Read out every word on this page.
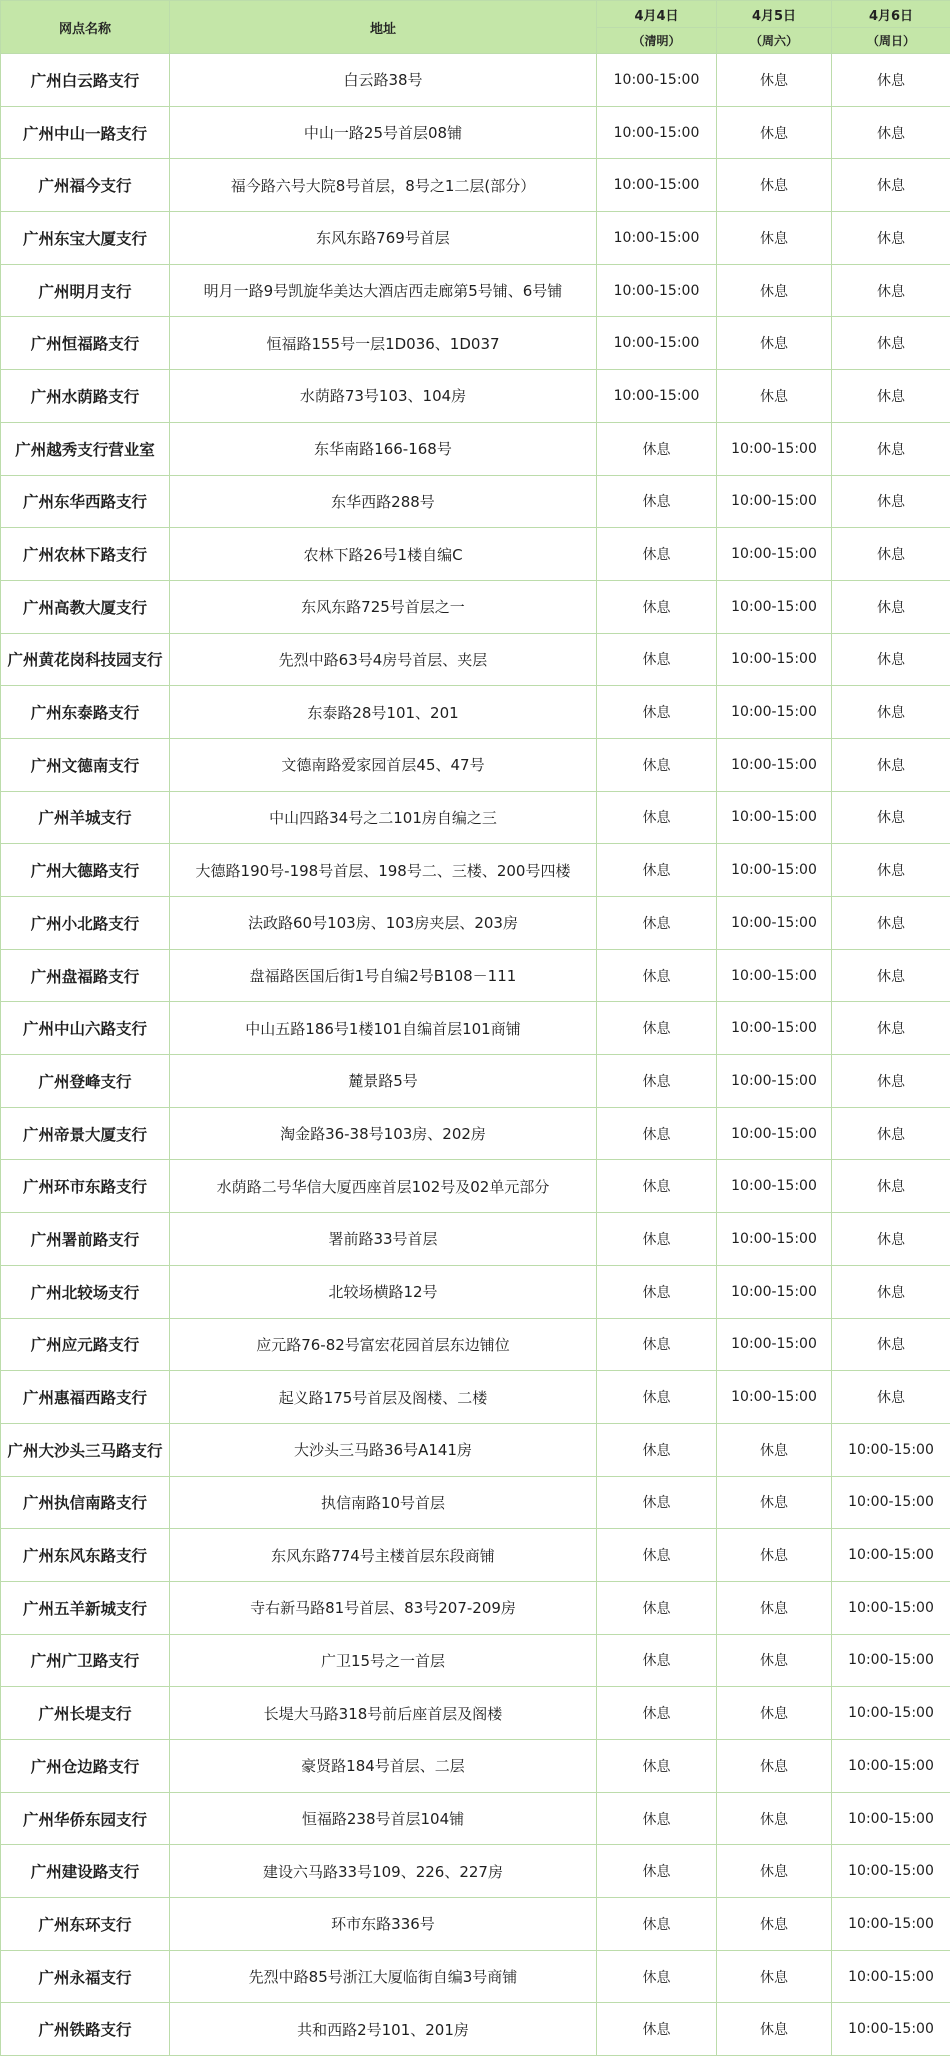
网点名称	地址	4月4日	4月5日	4月6日
		（清明）	（周六）	（周日）
广州白云路支行	白云路38号	10:00-15:00	休息	休息
广州中山一路支行	中山一路25号首层08铺	10:00-15:00	休息	休息
广州福今支行	福今路六号大院8号首层，8号之1二层(部分）	10:00-15:00	休息	休息
广州东宝大厦支行	东风东路769号首层	10:00-15:00	休息	休息
广州明月支行	明月一路9号凯旋华美达大酒店西走廊第5号铺、6号铺	10:00-15:00	休息	休息
广州恒福路支行	恒福路155号一层1D036、1D037	10:00-15:00	休息	休息
广州水荫路支行	水荫路73号103、104房	10:00-15:00	休息	休息
广州越秀支行营业室	东华南路166-168号	休息	10:00-15:00	休息
广州东华西路支行	东华西路288号	休息	10:00-15:00	休息
广州农林下路支行	农林下路26号1楼自编C	休息	10:00-15:00	休息
广州高教大厦支行	东风东路725号首层之一	休息	10:00-15:00	休息
广州黄花岗科技园支行	先烈中路63号4房号首层、夹层	休息	10:00-15:00	休息
广州东泰路支行	东泰路28号101、201	休息	10:00-15:00	休息
广州文德南支行	文德南路爱家园首层45、47号	休息	10:00-15:00	休息
广州羊城支行	中山四路34号之二101房自编之三	休息	10:00-15:00	休息
广州大德路支行	大德路190号-198号首层、198号二、三楼、200号四楼	休息	10:00-15:00	休息
广州小北路支行	法政路60号103房、103房夹层、203房	休息	10:00-15:00	休息
广州盘福路支行	盘福路医国后街1号自编2号B108－111	休息	10:00-15:00	休息
广州中山六路支行	中山五路186号1楼101自编首层101商铺	休息	10:00-15:00	休息
广州登峰支行	麓景路5号	休息	10:00-15:00	休息
广州帝景大厦支行	淘金路36-38号103房、202房	休息	10:00-15:00	休息
广州环市东路支行	水荫路二号华信大厦西座首层102号及02单元部分	休息	10:00-15:00	休息
广州署前路支行	署前路33号首层	休息	10:00-15:00	休息
广州北较场支行	北较场横路12号	休息	10:00-15:00	休息
广州应元路支行	应元路76-82号富宏花园首层东边铺位	休息	10:00-15:00	休息
广州惠福西路支行	起义路175号首层及阁楼、二楼	休息	10:00-15:00	休息
广州大沙头三马路支行	大沙头三马路36号A141房	休息	休息	10:00-15:00
广州执信南路支行	执信南路10号首层	休息	休息	10:00-15:00
广州东风东路支行	东风东路774号主楼首层东段商铺	休息	休息	10:00-15:00
广州五羊新城支行	寺右新马路81号首层、83号207-209房	休息	休息	10:00-15:00
广州广卫路支行	广卫15号之一首层	休息	休息	10:00-15:00
广州长堤支行	长堤大马路318号前后座首层及阁楼	休息	休息	10:00-15:00
广州仓边路支行	豪贤路184号首层、二层	休息	休息	10:00-15:00
广州华侨东园支行	恒福路238号首层104铺	休息	休息	10:00-15:00
广州建设路支行	建设六马路33号109、226、227房	休息	休息	10:00-15:00
广州东环支行	环市东路336号	休息	休息	10:00-15:00
广州永福支行	先烈中路85号浙江大厦临街自编3号商铺	休息	休息	10:00-15:00
广州铁路支行	共和西路2号101、201房	休息	休息	10:00-15:00
